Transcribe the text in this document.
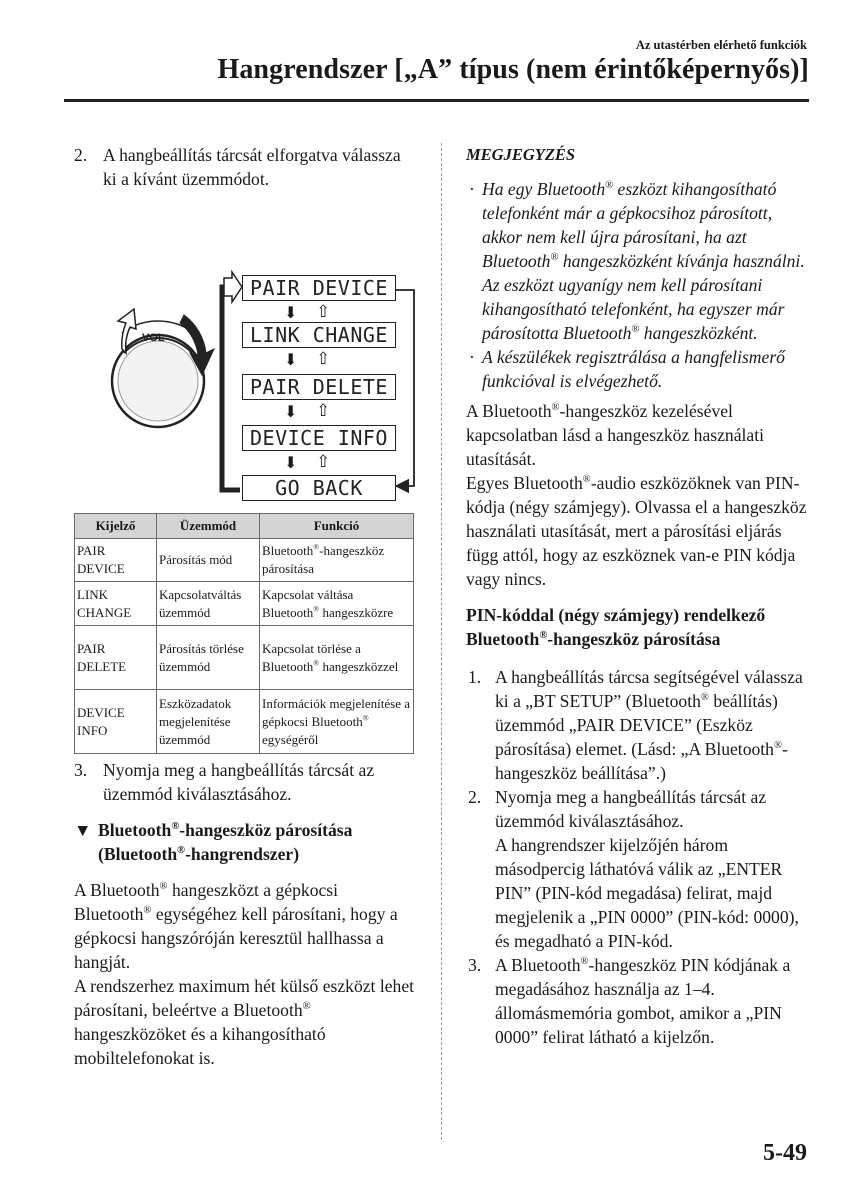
Az utastérben elérhető funkciók
Hangrendszer [„A” típus (nem érintőképernyős)]

2. A hangbeállítás tárcsát elforgatva válassza ki a kívánt üzemmódot.

VOL
PAIR DEVICE
⬇ ⇧
LINK CHANGE
⬇ ⇧
PAIR DELETE
⬇ ⇧
DEVICE INFO
⬇ ⇧
GO BACK
Kijelző	Üzemmód	Funkció
PAIR DEVICE	Párosítás mód	Bluetooth®-hangeszköz párosítása
LINK CHANGE	Kapcsolatváltás üzemmód	Kapcsolat váltása Bluetooth® hangeszközre
PAIR DELETE	Párosítás törlése üzemmód	Kapcsolat törlése a Bluetooth® hangeszközzel
DEVICE INFO	Eszközadatok megjelenítése üzemmód	Információk megjelenítése a gépkocsi Bluetooth® egységéről

3. Nyomja meg a hangbeállítás tárcsát az üzemmód kiválasztásához.

▼ Bluetooth®-hangeszköz párosítása (Bluetooth®-hangrendszer)

A Bluetooth® hangeszközt a gépkocsi Bluetooth® egységéhez kell párosítani, hogy a gépkocsi hangszóróján keresztül hallhassa a hangját.

A rendszerhez maximum hét külső eszközt lehet párosítani, beleértve a Bluetooth® hangeszközöket és a kihangosítható mobiltelefonokat is.

MEGJEGYZÉS

· Ha egy Bluetooth® eszközt kihangosítható telefonként már a gépkocsihoz párosított, akkor nem kell újra párosítani, ha azt Bluetooth® hangeszközként kívánja használni. Az eszközt ugyanígy nem kell párosítani kihangosítható telefonként, ha egyszer már párosította Bluetooth® hangeszközként.

· A készülékek regisztrálása a hangfelismerő funkcióval is elvégezhető.

A Bluetooth®-hangeszköz kezelésével kapcsolatban lásd a hangeszköz használati utasítását.

Egyes Bluetooth®-audio eszközöknek van PIN-kódja (négy számjegy). Olvassa el a hangeszköz használati utasítását, mert a párosítási eljárás függ attól, hogy az eszköznek van-e PIN kódja vagy nincs.

PIN-kóddal (négy számjegy) rendelkező Bluetooth®-hangeszköz párosítása

1. A hangbeállítás tárcsa segítségével válassza ki a „BT SETUP” (Bluetooth® beállítás) üzemmód „PAIR DEVICE” (Eszköz párosítása) elemet. (Lásd: „A Bluetooth®-hangeszköz beállítása”.)

2. Nyomja meg a hangbeállítás tárcsát az üzemmód kiválasztásához.
A hangrendszer kijelzőjén három másodpercig láthatóvá válik az „ENTER PIN” (PIN-kód megadása) felirat, majd megjelenik a „PIN 0000” (PIN-kód: 0000), és megadható a PIN-kód.

3. A Bluetooth®-hangeszköz PIN kódjának a megadásához használja az 1–4. állomásmemória gombot, amikor a „PIN 0000” felirat látható a kijelzőn.

5-49
